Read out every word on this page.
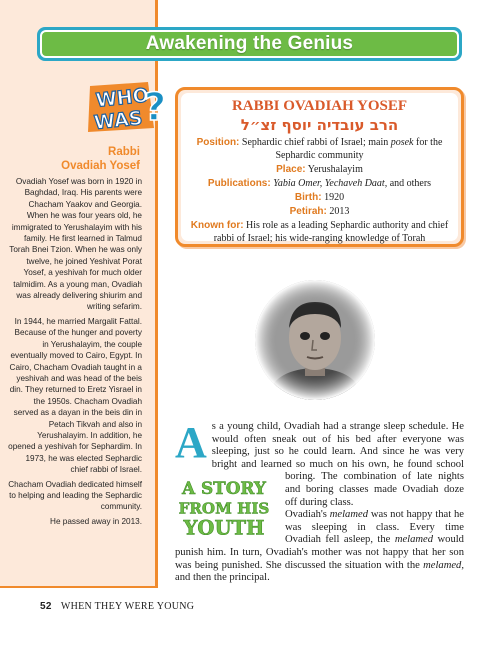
Awakening the Genius
WHO
WAS ?
Rabbi
Ovadiah Yosef

Ovadiah Yosef was born in 1920 in Baghdad, Iraq. His parents were Chacham Yaakov and Georgia. When he was four years old, he immigrated to Yerushalayim with his family. He first learned in Talmud Torah Bnei Tzion. When he was only twelve, he joined Yeshivat Porat Yosef, a yeshivah for much older talmidim. As a young man, Ovadiah was already delivering shiurim and writing sefarim.

In 1944, he married Margalit Fattal. Because of the hunger and poverty in Yerushalayim, the couple eventually moved to Cairo, Egypt. In Cairo, Chacham Ovadiah taught in a yeshivah and was head of the beis din. They returned to Eretz Yisrael in the 1950s. Chacham Ovadiah served as a dayan in the beis din in Petach Tikvah and also in Yerushalayim. In addition, he opened a yeshivah for Sephardim. In 1973, he was elected Sephardic chief rabbi of Israel.

Chacham Ovadiah dedicated himself to helping and leading the Sephardic community.

He passed away in 2013.

RABBI OVADIAH YOSEF
הרב עובדיה יוסף זצ״ל
Position: Sephardic chief rabbi of Israel; main posek for the Sephardic community
Place: Yerushalayim
Publications: Yabia Omer, Yechaveh Daat, and others
Birth: 1920
Petirah: 2013
Known for: His role as a leading Sephardic authority and chief rabbi of Israel; his wide-ranging knowledge of Torah

As a young child, Ovadiah had a strange sleep schedule. He would often sneak out of his bed after everyone was sleeping, just so he could learn. And since he was very bright and learned so much on his own, he found school boring.
The combination of late nights and boring classes made Ovadiah doze off during class.

Ovadiah's melamed was not happy that he was sleeping in class. Every time Ovadiah fell asleep, the melamed would punish him. In turn, Ovadiah's mother was not happy that her son was being punished. She discussed the situation with the melamed, and then the principal.

A STORY
FROM HIS
YOUTH
52 WHEN THEY WERE YOUNG
